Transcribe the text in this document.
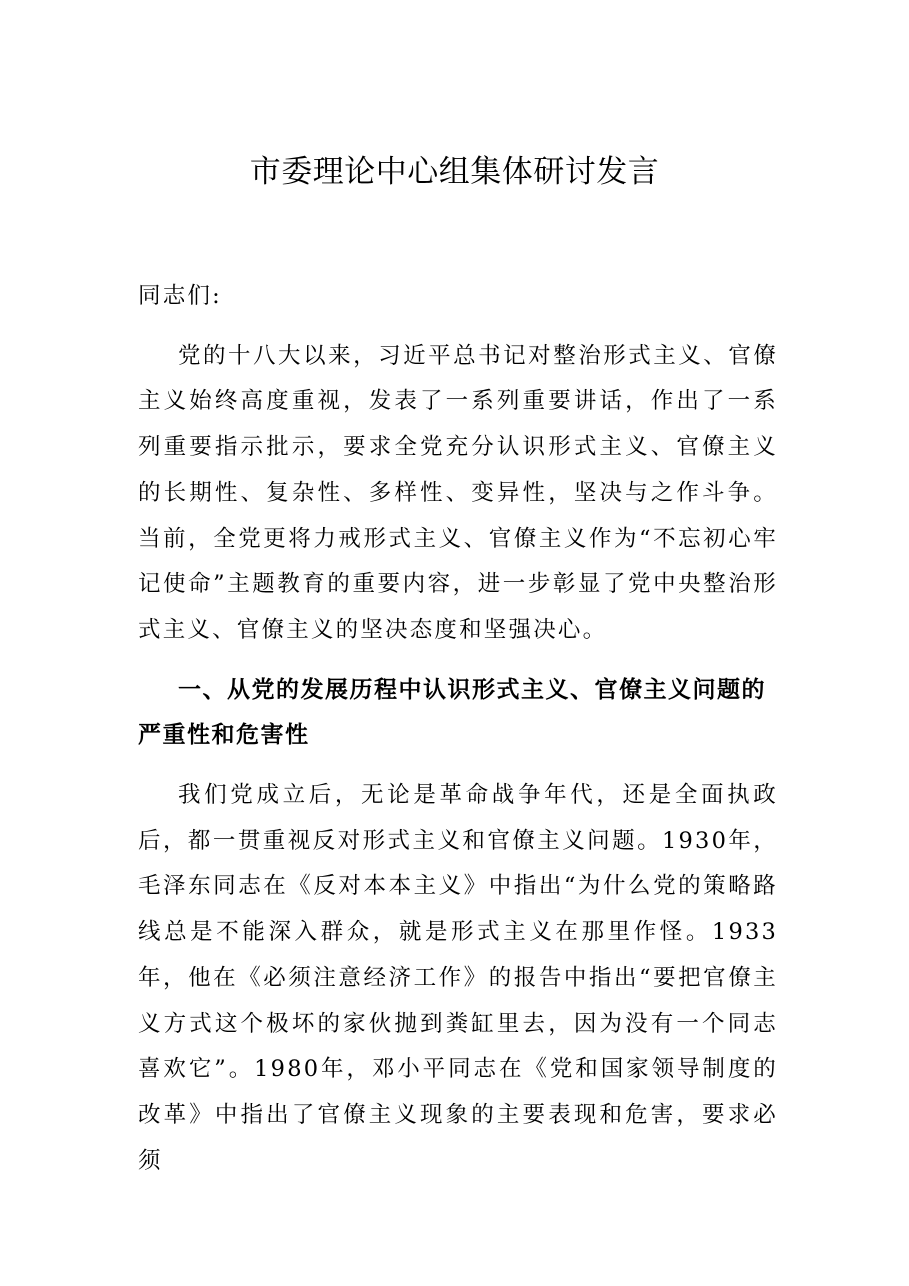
市委理论中心组集体研讨发言

同志们:

党的十八大以来，习近平总书记对整治形式主义、官僚主义始终高度重视，发表了一系列重要讲话，作出了一系列重要指示批示，要求全党充分认识形式主义、官僚主义的长期性、复杂性、多样性、变异性，坚决与之作斗争。当前，全党更将力戒形式主义、官僚主义作为“不忘初心牢记使命”主题教育的重要内容，进一步彰显了党中央整治形式主义、官僚主义的坚决态度和坚强决心。

一、从党的发展历程中认识形式主义、官僚主义问题的严重性和危害性

我们党成立后，无论是革命战争年代，还是全面执政后，都一贯重视反对形式主义和官僚主义问题。1930年，毛泽东同志在《反对本本主义》中指出“为什么党的策略路线总是不能深入群众，就是形式主义在那里作怪。1933年，他在《必须注意经济工作》的报告中指出“要把官僚主义方式这个极坏的家伙抛到粪缸里去，因为没有一个同志喜欢它”。1980年，邓小平同志在《党和国家领导制度的改革》中指出了官僚主义现象的主要表现和危害，要求必须
